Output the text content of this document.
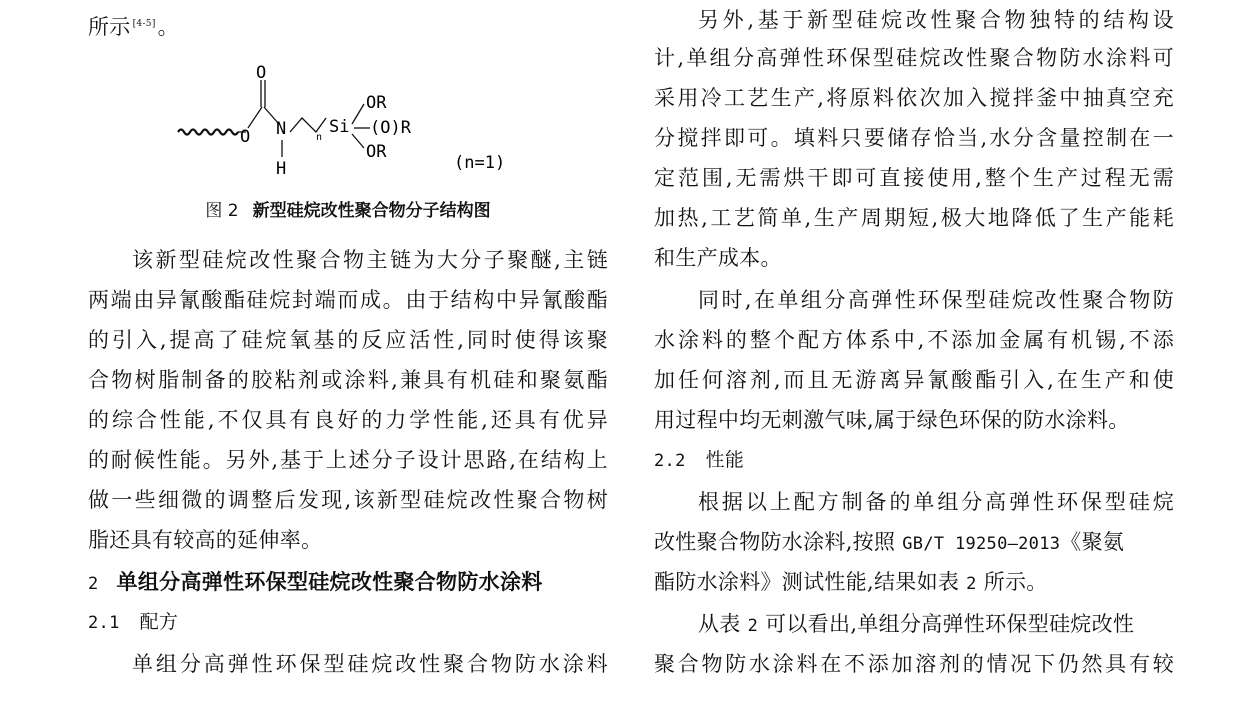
所示 [4-5]。
该新型硅烷改性聚合物主链为大分子聚醚,主链
两端由异氰酸酯硅烷封端而成。由于结构中异氰酸酯
的引入,提高了硅烷氧基的反应活性,同时使得该聚
合物树脂制备的胶粘剂或涂料,兼具有机硅和聚氨酯
的综合性能,不仅具有良好的力学性能,还具有优异
的耐候性能。另外,基于上述分子设计思路,在结构上
做一些细微的调整后发现,该新型硅烷改性聚合物树
脂还具有较高的延伸率。
2 单组分高弹性环保型硅烷改性聚合物防水涂料
2.1 配方
单组分高弹性环保型硅烷改性聚合物防水涂料
O
O N
H
n
Si
OR
(O)R
OR
(n=1)
图 2 新型硅烷改性聚合物分子结构图
另外,基于新型硅烷改性聚合物独特的结构设
计,单组分高弹性环保型硅烷改性聚合物防水涂料可
采用冷工艺生产,将原料依次加入搅拌釜中抽真空充
分搅拌即可。填料只要储存恰当,水分含量控制在一
定范围,无需烘干即可直接使用,整个生产过程无需
加热,工艺简单,生产周期短,极大地降低了生产能耗
和生产成本。
同时,在单组分高弹性环保型硅烷改性聚合物防
水涂料的整个配方体系中,不添加金属有机锡,不添
加任何溶剂,而且无游离异氰酸酯引入,在生产和使
用过程中均无刺激气味,属于绿色环保的防水涂料。
2.2 性能
根据以上配方制备的单组分高弹性环保型硅烷
改性聚合物防水涂料,按照 GB/T 19250—2013《聚氨
酯防水涂料》测试性能,结果如表 2 所示。
从表 2 可以看出,单组分高弹性环保型硅烷改性
聚合物防水涂料在不添加溶剂的情况下仍然具有较
